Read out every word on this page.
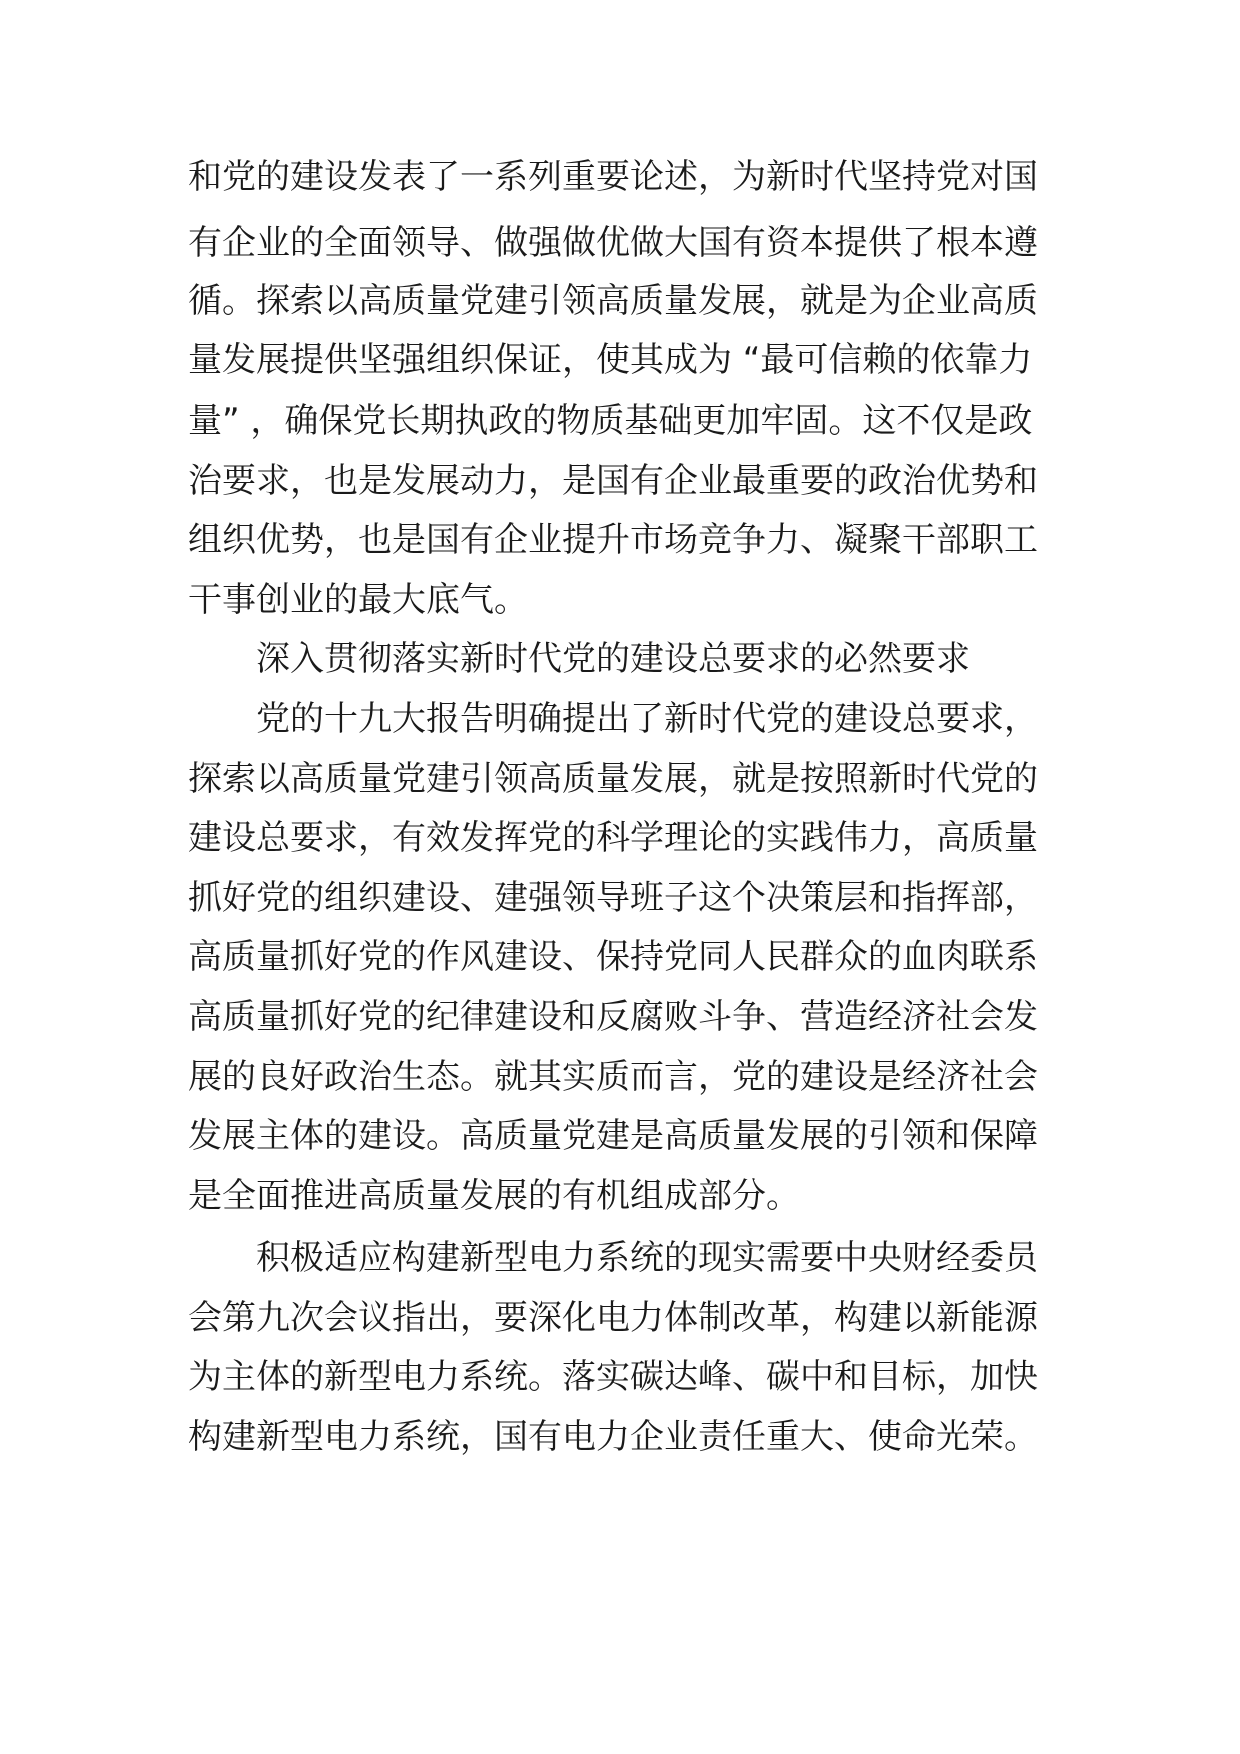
和党的建设发表了一系列重要论述，为新时代坚持党对国
有企业的全面领导、做强做优做大国有资本提供了根本遵
循。探索以高质量党建引领高质量发展，就是为企业高质
量发展提供坚强组织保证，使其成为 “最可信赖的依靠力
量” ，确保党长期执政的物质基础更加牢固。这不仅是政
治要求，也是发展动力，是国有企业最重要的政治优势和
组织优势，也是国有企业提升市场竞争力、凝聚干部职工
干事创业的最大底气。
深入贯彻落实新时代党的建设总要求的必然要求
党的十九大报告明确提出了新时代党的建设总要求，
探索以高质量党建引领高质量发展，就是按照新时代党的
建设总要求，有效发挥党的科学理论的实践伟力，高质量
抓好党的组织建设、建强领导班子这个决策层和指挥部，
高质量抓好党的作风建设、保持党同人民群众的血肉联系
高质量抓好党的纪律建设和反腐败斗争、营造经济社会发
展的良好政治生态。就其实质而言，党的建设是经济社会
发展主体的建设。高质量党建是高质量发展的引领和保障
是全面推进高质量发展的有机组成部分。
积极适应构建新型电力系统的现实需要中央财经委员
会第九次会议指出，要深化电力体制改革，构建以新能源
为主体的新型电力系统。落实碳达峰、碳中和目标，加快
构建新型电力系统，国有电力企业责任重大、使命光荣。
